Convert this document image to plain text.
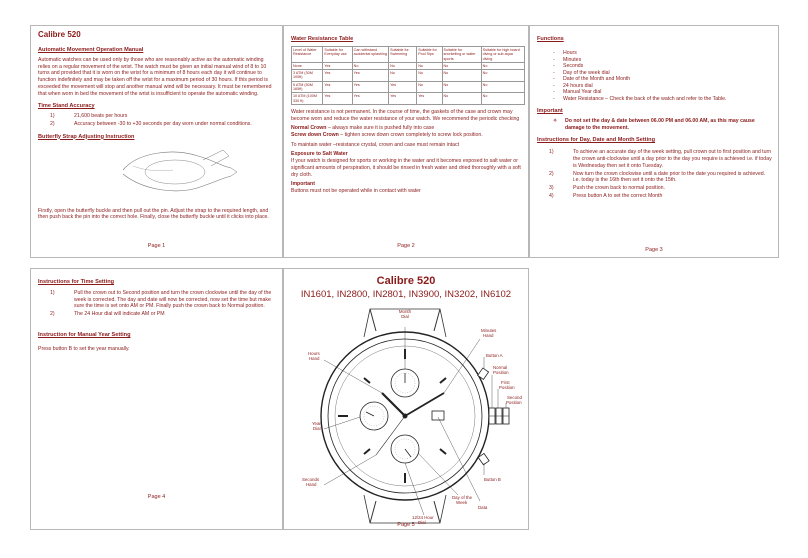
Calibre 520

Automatic Movement Operation Manual

Automatic watches can be used only by those who are reasonably active as the automatic winding relies on a regular movement of the wrist. The watch must be given an initial manual wind of 8 to 10 turns and provided that it is worn on the wrist for a minimum of 8 hours each day it will continue to function indefinitely and may be taken off the wrist for a maximum period of 30 hours. If this period is exceeded the movement will stop and another manual wind will be necessary. It must be remembered that when worn in bed the movement of the wrist is insufficient to operate the automatic winding.

Time Stand Accuracy

1)	21,600 beats per hours
2)	Accuracy between -30 to +30 seconds per day worn under normal conditions.

Butterfly Strap Adjusting Instruction

Firstly, open the butterfly buckle and then pull out the pin. Adjust the strap to the required length, and then push back the pin into the correct hole. Finally, close the butterfly buckle until it clicks into place.

Page 1

Water Resistance Table

Level of Water Resistance	Suitable for Everyday use	Can withstand accidental splashing	Suitable for Swimming	Suitable for Pool Sips	Suitable for snorkelling or water sports	Suitable for high board diving or sub aqua diving
None	Yes	No	No	No	No	No
3 ATM (30M 100ft)	Yes	Yes	No	No	No	No
5 ATM (50M 165ft)	Yes	Yes	Yes	No	No	No
10 ATM (100M 330 ft)	Yes	Yes	Yes	Yes	No	No

Water resistance is not permanent. In the course of time, the gaskets of the case and crown may become worn and reduce the water resistance of your watch. We recommend the periodic checking

Normal Crown – always make sure it is pushed fully into case

Screw down Crown – tighten screw down crown completely to screw lock position.

To maintain water –resistance crystal, crown and case must remain intact

Exposure to Salt Water

If your watch is designed for sports or working in the water and it becomes exposed to salt water or significant amounts of perspiration, it should be rinsed in fresh water and dried thoroughly with a soft dry cloth.

Important

Buttons must not be operated while in contact with water

Page 2

Functions

-	Hours
-	Minutes
-	Seconds
-	Day of the week dial
-	Date of the Month and Month
-	24 hours dial
-	Manual Year dial
-	Water Resistance – Check the back of the watch and refer to the Table.

Important

✧	Do not set the day & date between 06.00 PM and 06.00 AM, as this may cause damage to the movement.

Instructions for Day, Date and Month Setting

1)	To achieve an accurate day of the week setting, pull crown out to first position and turn the crown anti-clockwise until a day prior to the day you require is achieved i.e. if today is Wednesday then set it onto Tuesday.
2)	Now turn the crown clockwise until a date prior to the date you required is achieved. i.e. today is the 16th then set it onto the 15th.
3)	Push the crown back to normal position.
4)	Press button A to set the correct Month
Page 3

Instructions for Time Setting

1)	Pull the crown out to Second position and turn the crown clockwise until the day of the week is corrected. The day and date will now be corrected, now set the time but make sure the time is set onto AM or PM. Finally push the crown back to Normal position.
2)	The 24 Hour dial will indicate AM or PM

Instruction for Manual Year Setting

Press button B to set the year manually.

Page 4

Calibre 520

IN1601, IN2800, IN2801, IN3900, IN3202, IN6102

Month Dial
Minutes Hand
Button A
Normal Position
First Position
Second Position
Hours Hand
Year Dial
Seconds Hand
Button B
Data
Day of the Week
12/24 Hour Dial
Page 5
